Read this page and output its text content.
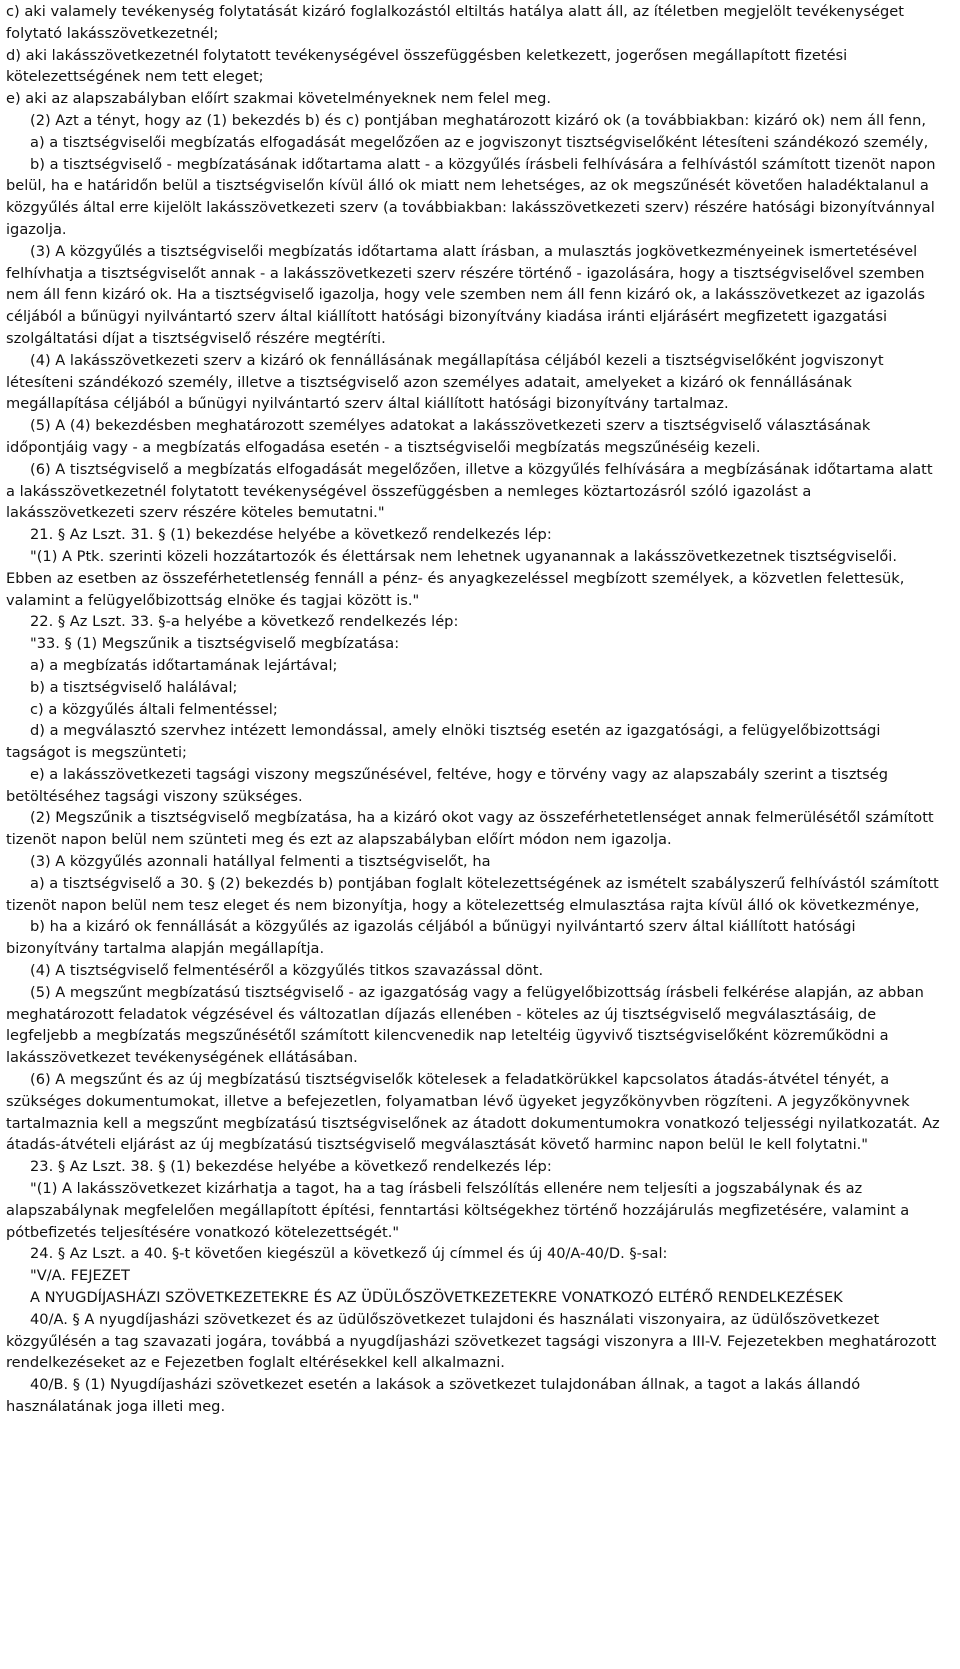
c) aki valamely tevékenység folytatását kizáró foglalkozástól eltiltás hatálya alatt áll, az ítéletben megjelölt tevékenységet folytató lakásszövetkezetnél;

d) aki lakásszövetkezetnél folytatott tevékenységével összefüggésben keletkezett, jogerősen megállapított fizetési kötelezettségének nem tett eleget;

e) aki az alapszabályban előírt szakmai követelményeknek nem felel meg.

(2) Azt a tényt, hogy az (1) bekezdés b) és c) pontjában meghatározott kizáró ok (a továbbiakban: kizáró ok) nem áll fenn,

a) a tisztségviselői megbízatás elfogadását megelőzően az e jogviszonyt tisztségviselőként létesíteni szándékozó személy,

b) a tisztségviselő - megbízatásának időtartama alatt - a közgyűlés írásbeli felhívására a felhívástól számított tizenöt napon belül, ha e határidőn belül a tisztségviselőn kívül álló ok miatt nem lehetséges, az ok megszűnését követően haladéktalanul a közgyűlés által erre kijelölt lakásszövetkezeti szerv (a továbbiakban: lakásszövetkezeti szerv) részére hatósági bizonyítvánnyal igazolja.

(3) A közgyűlés a tisztségviselői megbízatás időtartama alatt írásban, a mulasztás jogkövetkezményeinek ismertetésével felhívhatja a tisztségviselőt annak - a lakásszövetkezeti szerv részére történő - igazolására, hogy a tisztségviselővel szemben nem áll fenn kizáró ok. Ha a tisztségviselő igazolja, hogy vele szemben nem áll fenn kizáró ok, a lakásszövetkezet az igazolás céljából a bűnügyi nyilvántartó szerv által kiállított hatósági bizonyítvány kiadása iránti eljárásért megfizetett igazgatási szolgáltatási díjat a tisztségviselő részére megtéríti.

(4) A lakásszövetkezeti szerv a kizáró ok fennállásának megállapítása céljából kezeli a tisztségviselőként jogviszonyt létesíteni szándékozó személy, illetve a tisztségviselő azon személyes adatait, amelyeket a kizáró ok fennállásának megállapítása céljából a bűnügyi nyilvántartó szerv által kiállított hatósági bizonyítvány tartalmaz.

(5) A (4) bekezdésben meghatározott személyes adatokat a lakásszövetkezeti szerv a tisztségviselő választásának időpontjáig vagy - a megbízatás elfogadása esetén - a tisztségviselői megbízatás megszűnéséig kezeli.

(6) A tisztségviselő a megbízatás elfogadását megelőzően, illetve a közgyűlés felhívására a megbízásának időtartama alatt a lakásszövetkezetnél folytatott tevékenységével összefüggésben a nemleges köztartozásról szóló igazolást a lakásszövetkezeti szerv részére köteles bemutatni."

21. § Az Lszt. 31. § (1) bekezdése helyébe a következő rendelkezés lép:

"(1) A Ptk. szerinti közeli hozzátartozók és élettársak nem lehetnek ugyanannak a lakásszövetkezetnek tisztségviselői. Ebben az esetben az összeférhetetlenség fennáll a pénz- és anyagkezeléssel megbízott személyek, a közvetlen felettesük, valamint a felügyelőbizottság elnöke és tagjai között is."

22. § Az Lszt. 33. §-a helyébe a következő rendelkezés lép:

"33. § (1) Megszűnik a tisztségviselő megbízatása:

a) a megbízatás időtartamának lejártával;

b) a tisztségviselő halálával;

c) a közgyűlés általi felmentéssel;

d) a megválasztó szervhez intézett lemondással, amely elnöki tisztség esetén az igazgatósági, a felügyelőbizottsági tagságot is megszünteti;

e) a lakásszövetkezeti tagsági viszony megszűnésével, feltéve, hogy e törvény vagy az alapszabály szerint a tisztség betöltéséhez tagsági viszony szükséges.

(2) Megszűnik a tisztségviselő megbízatása, ha a kizáró okot vagy az összeférhetetlenséget annak felmerülésétől számított tizenöt napon belül nem szünteti meg és ezt az alapszabályban előírt módon nem igazolja.

(3) A közgyűlés azonnali hatállyal felmenti a tisztségviselőt, ha

a) a tisztségviselő a 30. § (2) bekezdés b) pontjában foglalt kötelezettségének az ismételt szabályszerű felhívástól számított tizenöt napon belül nem tesz eleget és nem bizonyítja, hogy a kötelezettség elmulasztása rajta kívül álló ok következménye,

b) ha a kizáró ok fennállását a közgyűlés az igazolás céljából a bűnügyi nyilvántartó szerv által kiállított hatósági bizonyítvány tartalma alapján megállapítja.

(4) A tisztségviselő felmentéséről a közgyűlés titkos szavazással dönt.

(5) A megszűnt megbízatású tisztségviselő - az igazgatóság vagy a felügyelőbizottság írásbeli felkérése alapján, az abban meghatározott feladatok végzésével és változatlan díjazás ellenében - köteles az új tisztségviselő megválasztásáig, de legfeljebb a megbízatás megszűnésétől számított kilencvenedik nap leteltéig ügyvivő tisztségviselőként közreműködni a lakásszövetkezet tevékenységének ellátásában.

(6) A megszűnt és az új megbízatású tisztségviselők kötelesek a feladatkörükkel kapcsolatos átadás-átvétel tényét, a szükséges dokumentumokat, illetve a befejezetlen, folyamatban lévő ügyeket jegyzőkönyvben rögzíteni. A jegyzőkönyvnek tartalmaznia kell a megszűnt megbízatású tisztségviselőnek az átadott dokumentumokra vonatkozó teljességi nyilatkozatát. Az átadás-átvételi eljárást az új megbízatású tisztségviselő megválasztását követő harminc napon belül le kell folytatni."

23. § Az Lszt. 38. § (1) bekezdése helyébe a következő rendelkezés lép:

"(1) A lakásszövetkezet kizárhatja a tagot, ha a tag írásbeli felszólítás ellenére nem teljesíti a jogszabálynak és az alapszabálynak megfelelően megállapított építési, fenntartási költségekhez történő hozzájárulás megfizetésére, valamint a pótbefizetés teljesítésére vonatkozó kötelezettségét."

24. § Az Lszt. a 40. §-t követően kiegészül a következő új címmel és új 40/A-40/D. §-sal:

"V/A. FEJEZET

A NYUGDÍJASHÁZI SZÖVETKEZETEKRE ÉS AZ ÜDÜLŐSZÖVETKEZETEKRE VONATKOZÓ ELTÉRŐ RENDELKEZÉSEK

40/A. § A nyugdíjasházi szövetkezet és az üdülőszövetkezet tulajdoni és használati viszonyaira, az üdülőszövetkezet közgyűlésén a tag szavazati jogára, továbbá a nyugdíjasházi szövetkezet tagsági viszonyra a III-V. Fejezetekben meghatározott rendelkezéseket az e Fejezetben foglalt eltérésekkel kell alkalmazni.

40/B. § (1) Nyugdíjasházi szövetkezet esetén a lakások a szövetkezet tulajdonában állnak, a tagot a lakás állandó használatának joga illeti meg.
